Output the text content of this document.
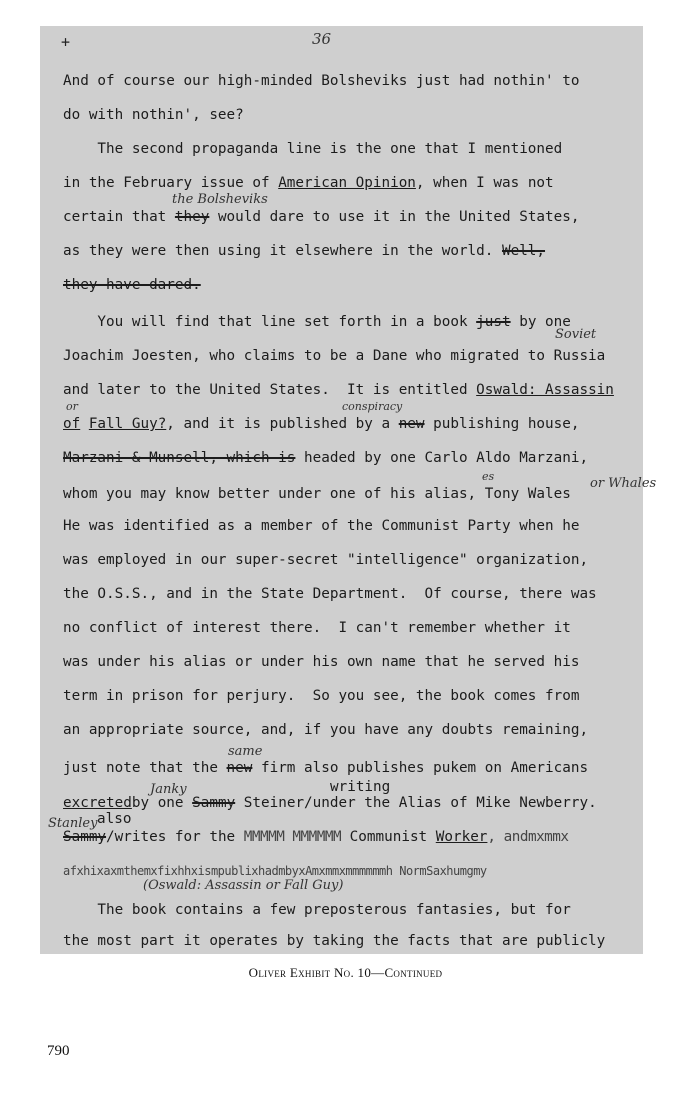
+	36
And of course our high-minded Bolsheviks just had nothin' to
do with nothin', see?
The second propaganda line is the one that I mentioned
in the February issue of American Opinion, when I was not
certain that they would dare to use it in the United States,
as they were then using it elsewhere in the world. Well,
they have dared.
You will find that line set forth in a book just by one
Joachim Joesten, who claims to be a Dane who migrated to Russia
and later to the United States.  It is entitled Oswald: Assassin
of Fall Guy?, and it is published by a new publishing house,
Marzani & Munsell, which is headed by one Carlo Aldo Marzani,
whom you may know better under one of his alias, Tony Wales
He was identified as a member of the Communist Party when he
was employed in our super-secret "intelligence" organization,
the O.S.S., and in the State Department.  Of course, there was
no conflict of interest there.  I can't remember whether it
was under his alias or under his own name that he served his
term in prison for perjury.  So you see, the book comes from
an appropriate source, and, if you have any doubts remaining,
just note that the new firm also publishes pukem on Americans
writing
excretedby one Sammy Steiner/under the Alias of Mike Newberry.
also
Sammy/writes for the MMMMM MMMMMM Communist Worker, andmxmmx
afxhixaxmthemxfixhhxismpublixhadmbyxAmxmmxmmmmmmh NormSaxhumgmy
The book contains a few preposterous fantasies, but for
the most part it operates by taking the facts that are publicly
the Bolsheviks
Soviet
or	conspiracy
es	or Whales
same
Janky
Stanley
(Oswald: Assassin or Fall Guy)
Oliver Exhibit No. 10—Continued
790
